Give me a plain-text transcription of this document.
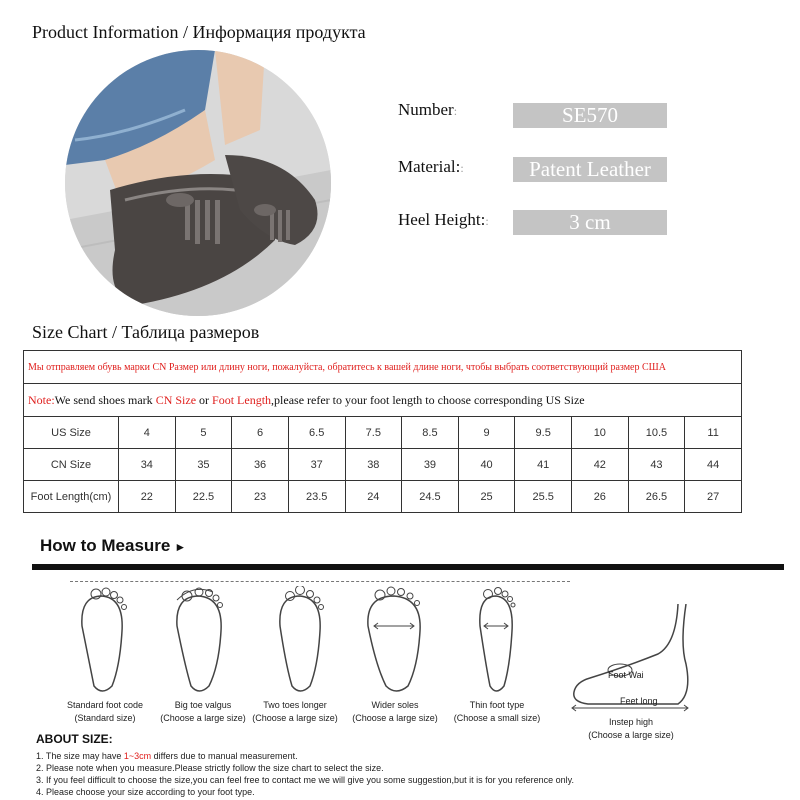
Product Information / Информация продукта
Number:	SE570
Material::	Patent Leather
Heel Height::	3 cm
Size Chart / Таблица размеров
Мы отправляем обувь марки CN Размер или длину ноги, пожалуйста, обратитесь к вашей длине ноги, чтобы выбрать соответствующий размер США
Note:We send shoes mark CN Size or Foot Length,please refer to your foot length to choose corresponding US Size
US Size	4	5	6	6.5	7.5	8.5	9	9.5	10	10.5	11
CN Size	34	35	36	37	38	39	40	41	42	43	44
Foot Length(cm)	22	22.5	23	23.5	24	24.5	25	25.5	26	26.5	27
How to Measure ►
Standard foot code
(Standard size)
Big toe valgus
(Choose a large size)
Two toes longer
(Choose a large size)
Wider soles
(Choose a large size)
Thin foot type
(Choose a small size)
Foot Wai
Feet long
Instep high
(Choose a large size)
ABOUT SIZE:
1. The size may have 1~3cm differs due to manual measurement.
2. Please note when you measure.Please strictly follow the size chart to select the size.
3. If you feel difficult to choose the size,you can feel free to contact me we will give you some suggestion,but it is for you reference only.
4. Please choose your size according to your foot type.
